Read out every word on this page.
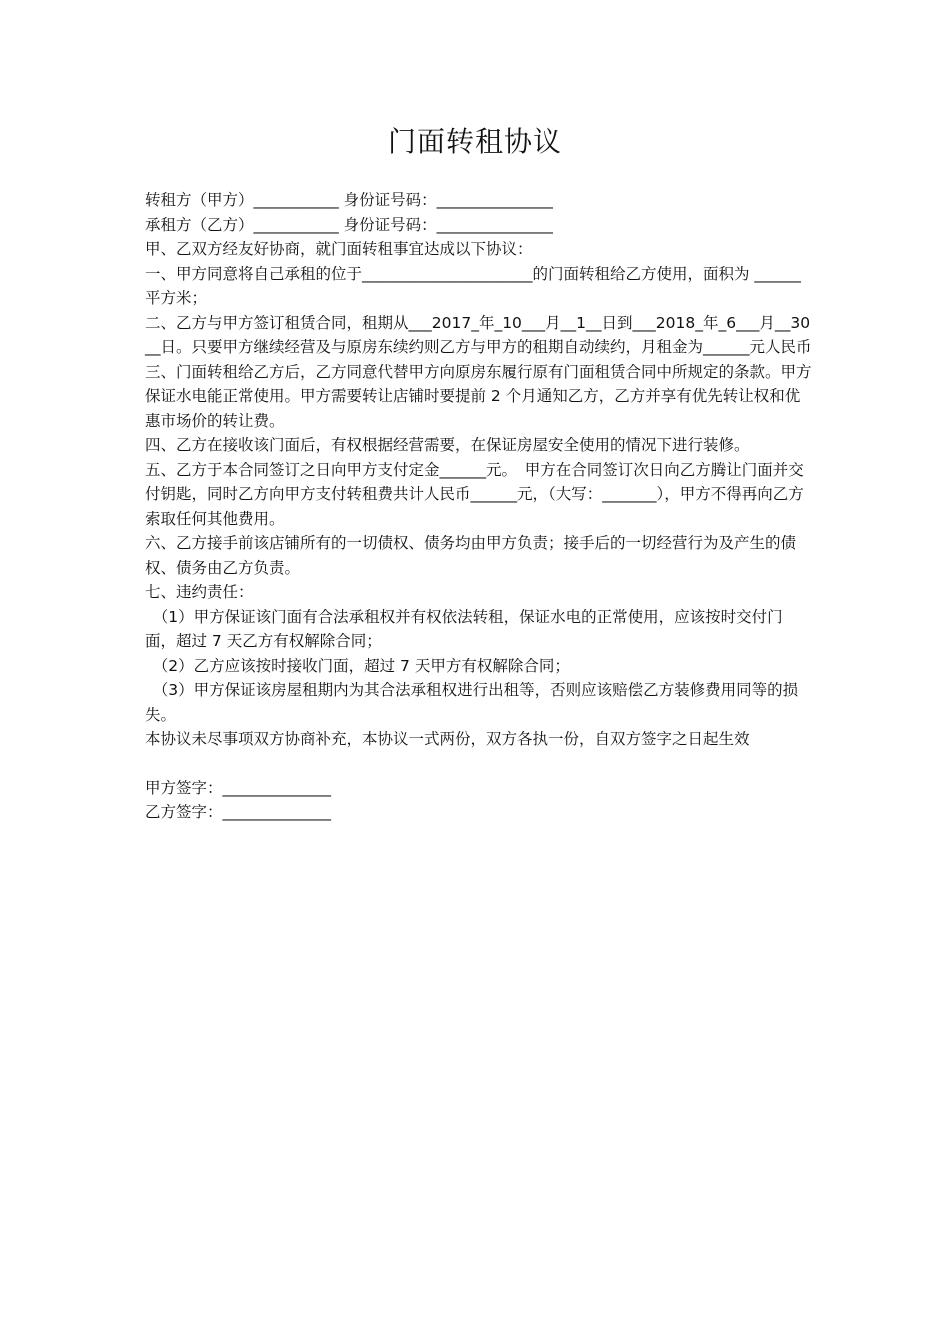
门面转租协议
转租方（甲方）___________ 身份证号码：_______________
承租方（乙方）___________ 身份证号码：_______________
甲、乙双方经友好协商，就门面转租事宜达成以下协议：
一、甲方同意将自己承租的位于______________________的门面转租给乙方使用，面积为 ______平方米；
二、乙方与甲方签订租赁合同，租期从___2017_年_10___月__1__日到___2018_年_6___月__30__日。只要甲方继续经营及与原房东续约则乙方与甲方的租期自动续约，月租金为______元人民币
三、门面转租给乙方后，乙方同意代替甲方向原房东履行原有门面租赁合同中所规定的条款。甲方保证水电能正常使用。甲方需要转让店铺时要提前 2 个月通知乙方，乙方并享有优先转让权和优惠市场价的转让费。
四、乙方在接收该门面后，有权根据经营需要，在保证房屋安全使用的情况下进行装修。
五、乙方于本合同签订之日向甲方支付定金______元。　甲方在合同签订次日向乙方腾让门面并交付钥匙，同时乙方向甲方支付转租费共计人民币______元，（大写：_______），甲方不得再向乙方索取任何其他费用。
六、乙方接手前该店铺所有的一切债权、债务均由甲方负责；接手后的一切经营行为及产生的债权、债务由乙方负责。
七、违约责任：
　（1）甲方保证该门面有合法承租权并有权依法转租，保证水电的正常使用，应该按时交付门面，超过 7 天乙方有权解除合同；
　（2）乙方应该按时接收门面，超过 7 天甲方有权解除合同；
　（3）甲方保证该房屋租期内为其合法承租权进行出租等，否则应该赔偿乙方装修费用同等的损失。
本协议未尽事项双方协商补充，本协议一式两份，双方各执一份，自双方签字之日起生效
甲方签字：______________
乙方签字：______________
